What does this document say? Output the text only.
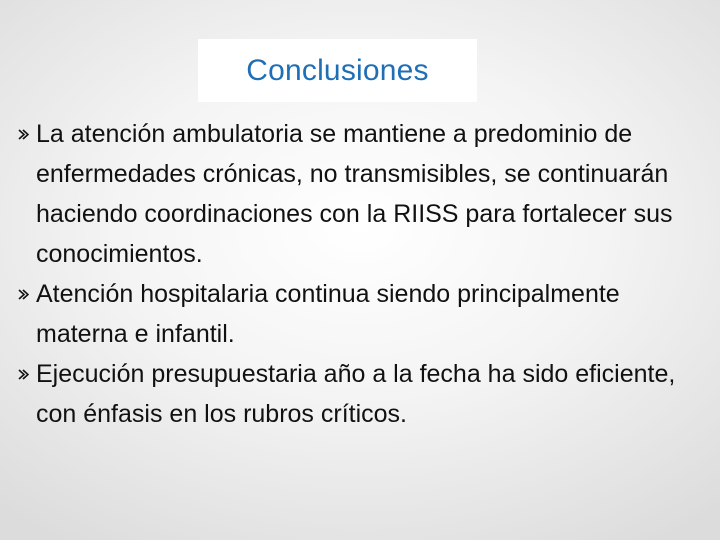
Conclusiones
La atención ambulatoria se mantiene a predominio de enfermedades crónicas, no transmisibles, se continuarán haciendo coordinaciones con la RIISS para fortalecer sus conocimientos.
Atención hospitalaria continua siendo principalmente materna e infantil.
Ejecución presupuestaria año a la fecha ha sido eficiente, con énfasis en los rubros críticos.
